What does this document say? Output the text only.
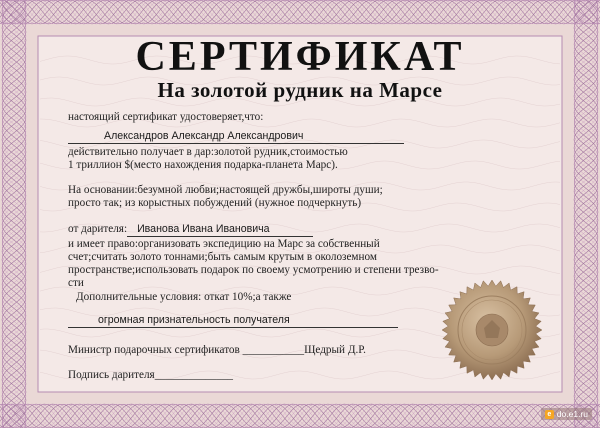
СЕРТИФИКАТ
На золотой рудник на Марсе
настоящий сертификат удостоверяет,что:
Александров Александр Александрович
действительно получает в дар:золотой рудник,стоимостью
1 триллион $(место нахождения подарка-планета Марс).
На основании:безумной любви;настоящей дружбы,широты души;
просто так; из корыстных побуждений (нужное подчеркнуть)
от дарителя: Иванова Ивана Ивановича
и имеет право:организовать экспедицию на Марс за собственный
счет;считать золото тоннами;быть самым крутым в околоземном
пространстве;использовать подарок по своему усмотрению и степени трезво-
сти
Дополнительные условия: откат 10%;а также
огромная признательность получателя
Министр подарочных сертификатов ___________Щедрый Д.Р.
Подпись дарителя______________
e do.e1.ru
